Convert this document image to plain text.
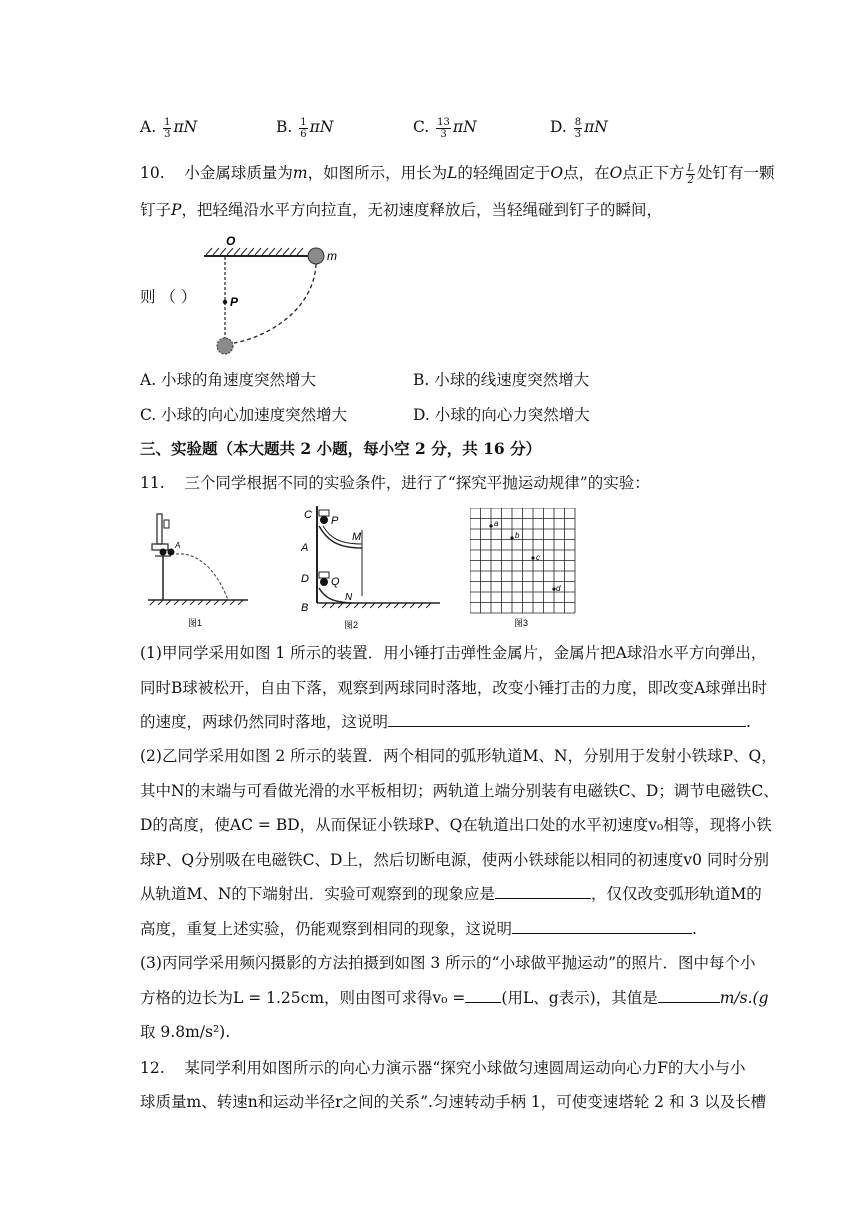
A. $\frac{1}{3}$ πN	B. $\frac{1}{6}$ πN	C. $\frac{13}{3}$ πN	D. $\frac{8}{3}$ πN
10. 小金属球质量为m，如图所示，用长为L的轻绳固定于O点，在O点正下方 $\frac{L}{2}$ 处钉有一颗
钉子P，把轻绳沿水平方向拉直，无初速度释放后，当轻绳碰到钉子的瞬间，
O
P
m
则 （ ）
A. 小球的角速度突然增大	B. 小球的线速度突然增大
C. 小球的向心加速度突然增大	D. 小球的向心力突然增大
三、实验题（本大题共 2 小题，每小空 2 分，共 16 分）
11. 三个同学根据不同的实验条件，进行了“探究平抛运动规律”的实验：
A
图1
C P
M
A
D Q
N
B
图2
a
b
c
d
图3
(1)甲同学采用如图 1 所示的装置．用小锤打击弹性金属片，金属片把A球沿水平方向弹出，
同时B球被松开，自由下落，观察到两球同时落地，改变小锤打击的力度，即改变A球弹出时
的速度，两球仍然同时落地，这说明	.
(2)乙同学采用如图 2 所示的装置．两个相同的弧形轨道M、N，分别用于发射小铁球P、Q，
其中N的末端与可看做光滑的水平板相切；两轨道上端分别装有电磁铁C、D；调节电磁铁C、
D的高度，使AC = BD，从而保证小铁球P、Q在轨道出口处的水平初速度v₀相等，现将小铁
球P、Q分别吸在电磁铁C、D上，然后切断电源，使两小铁球能以相同的初速度v0 同时分别
从轨道M、N的下端射出．实验可观察到的现象应是	，仅仅改变弧形轨道M的
高度，重复上述实验，仍能观察到相同的现象，这说明	.
(3)丙同学采用频闪摄影的方法拍摄到如图 3 所示的“小球做平抛运动”的照片．图中每个小
方格的边长为L = 1.25cm，则由图可求得v₀ = (用L、g表示)，其值是	m/s.(g
取 9.8m/s²).
12. 某同学利用如图所示的向心力演示器“探究小球做匀速圆周运动向心力F的大小与小
球质量m、转速n和运动半径r之间的关系”.匀速转动手柄 1，可使变速塔轮 2 和 3 以及长槽
